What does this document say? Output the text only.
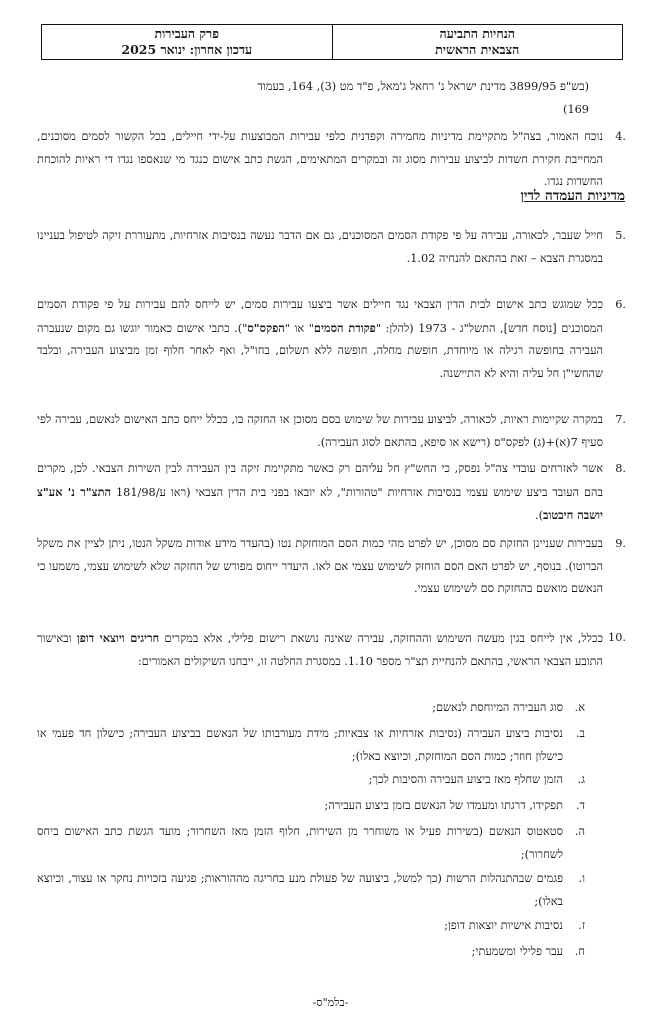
הנחיות התביעה
הצבאית הראשית
פרק העבירות
עדכון אחרון: ינואר 2025
(בש"פ 3899/95 מדינת ישראל נ' רחאל ג'מאל, פ"ד מט (3), 164, בעמוד
169)
4.
נוכח האמור, בצה"ל מתקיימת מדיניות מחמירה וקפדנית כלפי עבירות המבוצעות על-ידי חיילים, בכל הקשור לסמים מסוכנים, המחייבת חקירת חשדות לביצוע עבירות מסוג זה ובמקרים המתאימים, הגשת כתב אישום כנגד מי שנאספו נגדו די ראיות להוכחת החשדות נגדו.
מדיניות העמדה לדין
5.
חייל שעבר, לכאורה, עבירה על פי פקודת הסמים המסוכנים, גם אם הדבר נעשה בנסיבות אזרחיות, מתעוררת זיקה לטיפול בעניינו במסגרת הצבא – זאת בהתאם להנחיה 1.02.
6.
ככל שמוגש כתב אישום לבית הדין הצבאי נגד חיילים אשר ביצעו עבירות סמים, יש לייחס להם עבירות על פי פקודת הסמים המסוכנים [נוסח חדש], התשל"ג - 1973 (להלן: "פקודת הסמים" או "הפקס"ס"). כתבי אישום כאמור יוגשו גם מקום שנעברה העבירה בחופשה רגילה או מיוחדת, חופשת מחלה, חופשה ללא תשלום, בחו"ל, ואף לאחר חלוף זמן מביצוע העבירה, ובלבד שהחשי"ן חל עליה והיא לא התיישנה.
7.
במקרה שקיימות ראיות, לכאורה, לביצוע עבירות של שימוש בסם מסוכן או החזקה בו, ככלל ייחס כתב האישום לנאשם, עבירה לפי סעיף 7(א)+(ג) לפקס"ס (רישא או סיפא, בהתאם לסוג העבירה).
8.
אשר לאזרחים עובדי צה"ל נפסק, כי החש"ץ חל עליהם רק כאשר מתקיימת זיקה בין העבירה לבין השירות הצבאי. לכן, מקרים בהם העובד ביצע שימוש עצמי בנסיבות אזרחיות "טהורות", לא יובאו בפני בית הדין הצבאי (ראו ע/181/98 התצ"ר נ' אע"צ יושבה חיבטוב).
9.
בעבירות שעניינן החזקת סם מסוכן, יש לפרט מהי כמות הסם המוחזקת נטו (בהעדר מידע אודות משקל הנטו, ניתן לציין את משקל הברוטו). בנוסף, יש לפרט האם הסם הוחזק לשימוש עצמי אם לאו. היעדר ייחוס מפורש של החזקה שלא לשימוש עצמי, משמעו כי הנאשם מואשם בהחזקת סם לשימוש עצמי.
10.
ככלל, אין לייחס בגין מעשה השימוש וההחזקה, עבירה שאינה נושאת רישום פלילי, אלא במקרים חריגים ויוצאי דופן ובאישור התובע הצבאי הראשי, בהתאם להנחיית תצ"ר מספר 1.10. במסגרת החלטה זו, ייבחנו השיקולים האמורים:
א.
סוג העבירה המיוחסת לנאשם;
ב.
נסיבות ביצוע העבירה (נסיבות אזרחיות או צבאיות; מידת מעורבותו של הנאשם בביצוע העבירה; כישלון חד פעמי או כישלון חוזר; כמות הסם המוחזקת, וכיוצא באלו);
ג.
הזמן שחלף מאז ביצוע העבירה והסיבות לכך;
ד.
תפקידו, דרגתו ומעמדו של הנאשם בזמן ביצוע העבירה;
ה.
סטאטוס הנאשם (בשירות פעיל או משוחרר מן השירות, חלוף הזמן מאז השחרור; מועד הגשת כתב האישום ביחס לשחרור);
ו.
פגמים שבהתנהלות הרשות (כך למשל, ביצועה של פעולת מנע בחריגה מההוראות; פגיעה בזכויות נחקר או עצור, וכיוצא באלו);
ז.
נסיבות אישיות יוצאות דופן;
ח.
עבר פלילי ומשמעתי;
-בלמ"ס-
